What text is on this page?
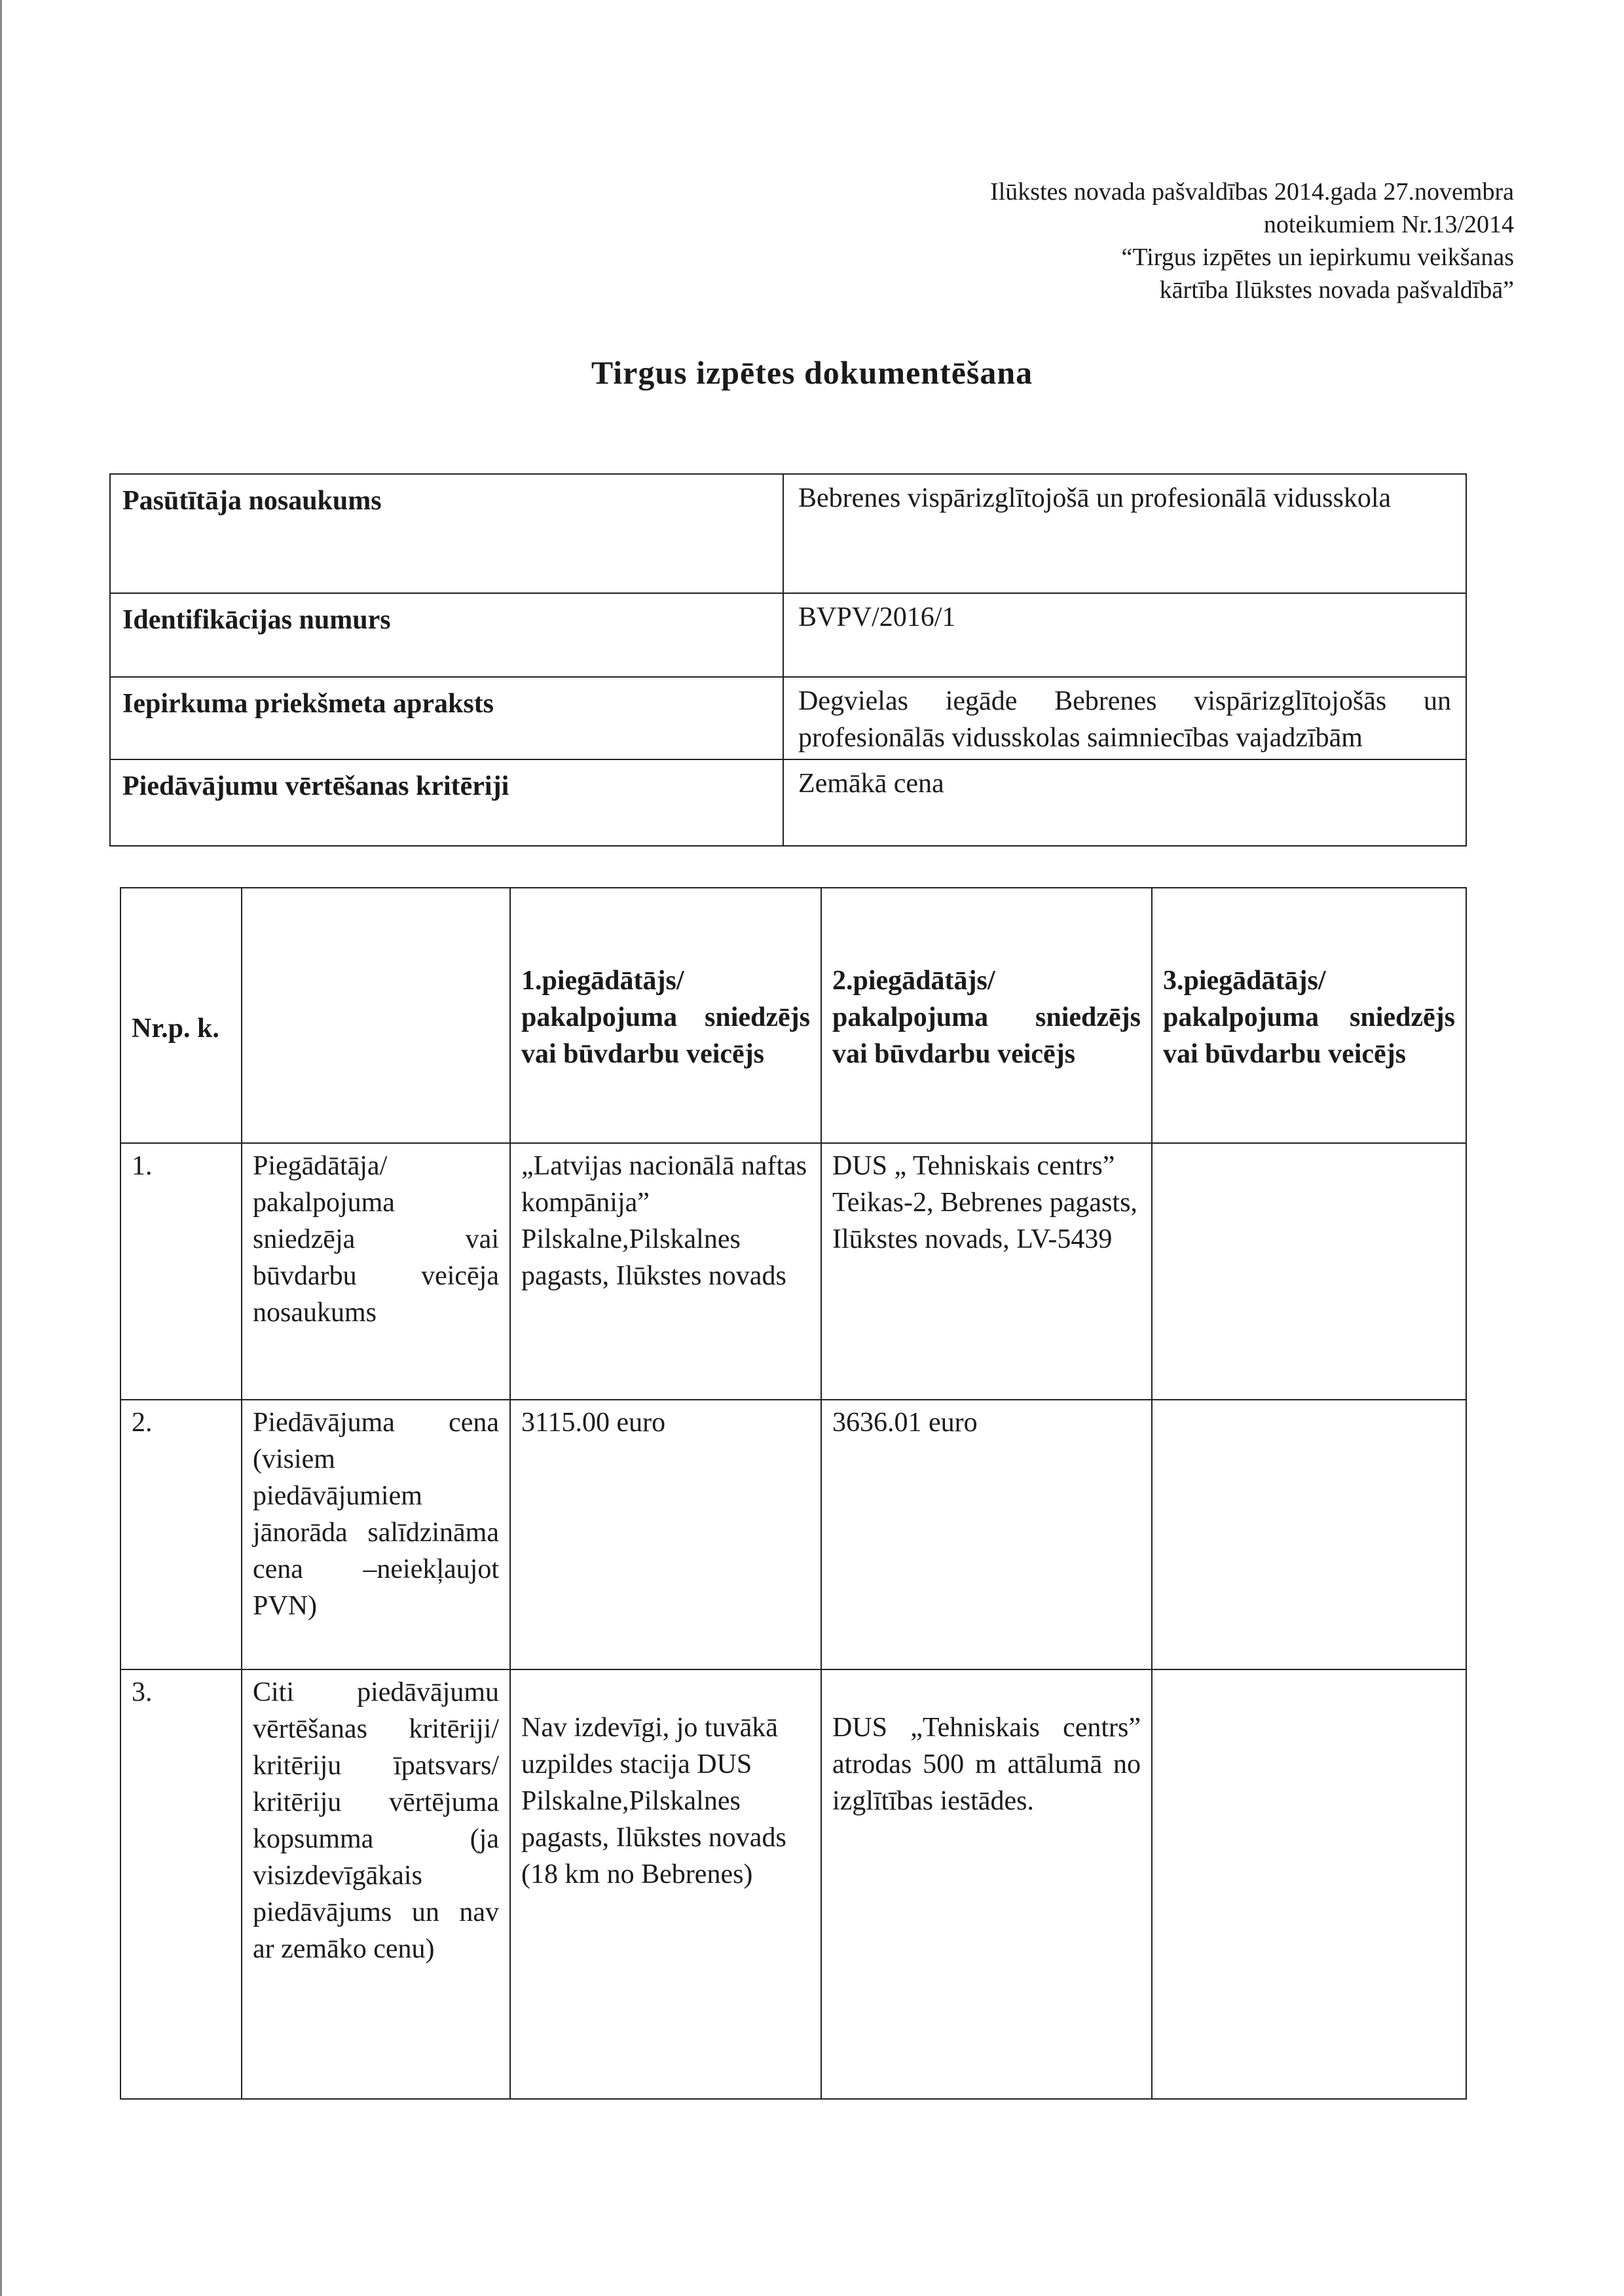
Ilūkstes novada pašvaldības 2014.gada 27.novembra
noteikumiem Nr.13/2014
“Tirgus izpētes un iepirkumu veikšanas
kārtība Ilūkstes novada pašvaldībā”
Tirgus izpētes dokumentēšana
Pasūtītāja nosaukums	Bebrenes vispārizglītojošā un profesionālā vidusskola
Identifikācijas numurs	BVPV/2016/1
Iepirkuma priekšmeta apraksts	Degvielas iegāde Bebrenes vispārizglītojošās un profesionālās vidusskolas saimniecības vajadzībām
Piedāvājumu vērtēšanas kritēriji	Zemākā cena
Nr.p. k.		1.piegādātājs/ pakalpojuma sniedzējs vai būvdarbu veicējs	2.piegādātājs/ pakalpojuma sniedzējs vai būvdarbu veicējs	3.piegādātājs/ pakalpojuma sniedzējs vai būvdarbu veicējs
1.	Piegādātāja/ pakalpojuma sniedzēja vai būvdarbu veicēja nosaukums	„Latvijas nacionālā naftas kompānija” Pilskalne,Pilskalnes pagasts, Ilūkstes novads	DUS „ Tehniskais centrs” Teikas-2, Bebrenes pagasts, Ilūkstes novads, LV-5439	
2.	Piedāvājuma cena (visiem piedāvājumiem jānorāda salīdzināma cena –neiekļaujot PVN)	3115.00 euro	3636.01 euro	
3.	Citi piedāvājumu vērtēšanas kritēriji/ kritēriju īpatsvars/ kritēriju vērtējuma kopsumma (ja visizdevīgākais piedāvājums un nav ar zemāko cenu)	Nav izdevīgi, jo tuvākā uzpildes stacija DUS Pilskalne,Pilskalnes pagasts, Ilūkstes novads (18 km no Bebrenes)	DUS „Tehniskais centrs” atrodas 500 m attālumā no izglītības iestādes.	
